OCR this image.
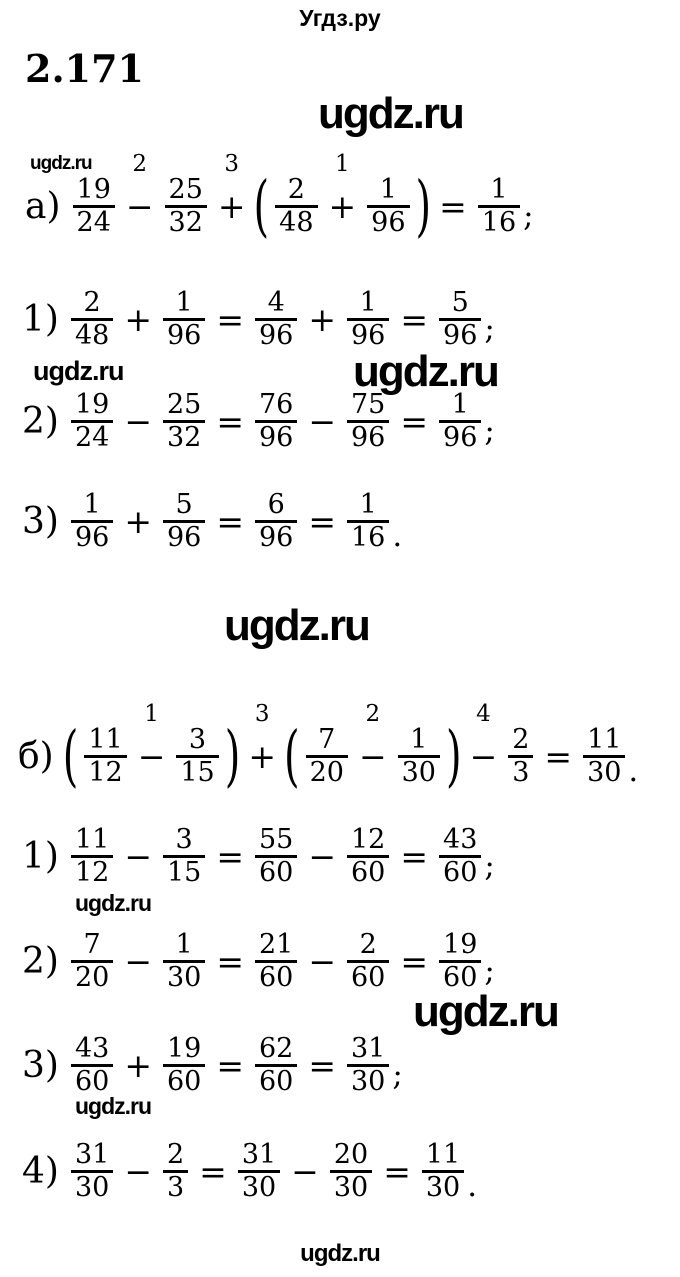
Угдз.ру
2.171
ugdz.ru
ugdz.ru
ugdz.ru	ugdz.ru
ugdz.ru
ugdz.ru
ugdz.ru
ugdz.ru
ugdz.ru
$а) \frac{19}{24}$
2
− $\frac{25}{32}$
3
+ ( $\frac{2}{48}$
1
+ $\frac{1}{96}$ ) = $\frac{1}{16}$ ;
$1) \frac{2}{48} + \frac{1}{96} = \frac{4}{96} + \frac{1}{96} = \frac{5}{96}$ ;
$2) \frac{19}{24} - \frac{25}{32} = \frac{76}{96} - \frac{75}{96} = \frac{1}{96}$ ;
$3) \frac{1}{96} + \frac{5}{96} = \frac{6}{96} = \frac{1}{16}$ .
б) ( $\frac{11}{12}$
1
− $\frac{3}{15}$ )
3
+ ( $\frac{7}{20}$
2
− $\frac{1}{30}$ )
4
− $\frac{2}{3} = \frac{11}{30}$ .
$1) \frac{11}{12} - \frac{3}{15} = \frac{55}{60} - \frac{12}{60} = \frac{43}{60}$ ;
$2) \frac{7}{20} - \frac{1}{30} = \frac{21}{60} - \frac{2}{60} = \frac{19}{60}$ ;
$3) \frac{43}{60} + \frac{19}{60} = \frac{62}{60} = \frac{31}{30}$ ;
$4) \frac{31}{30} - \frac{2}{3} = \frac{31}{30} - \frac{20}{30} = \frac{11}{30}$ .
